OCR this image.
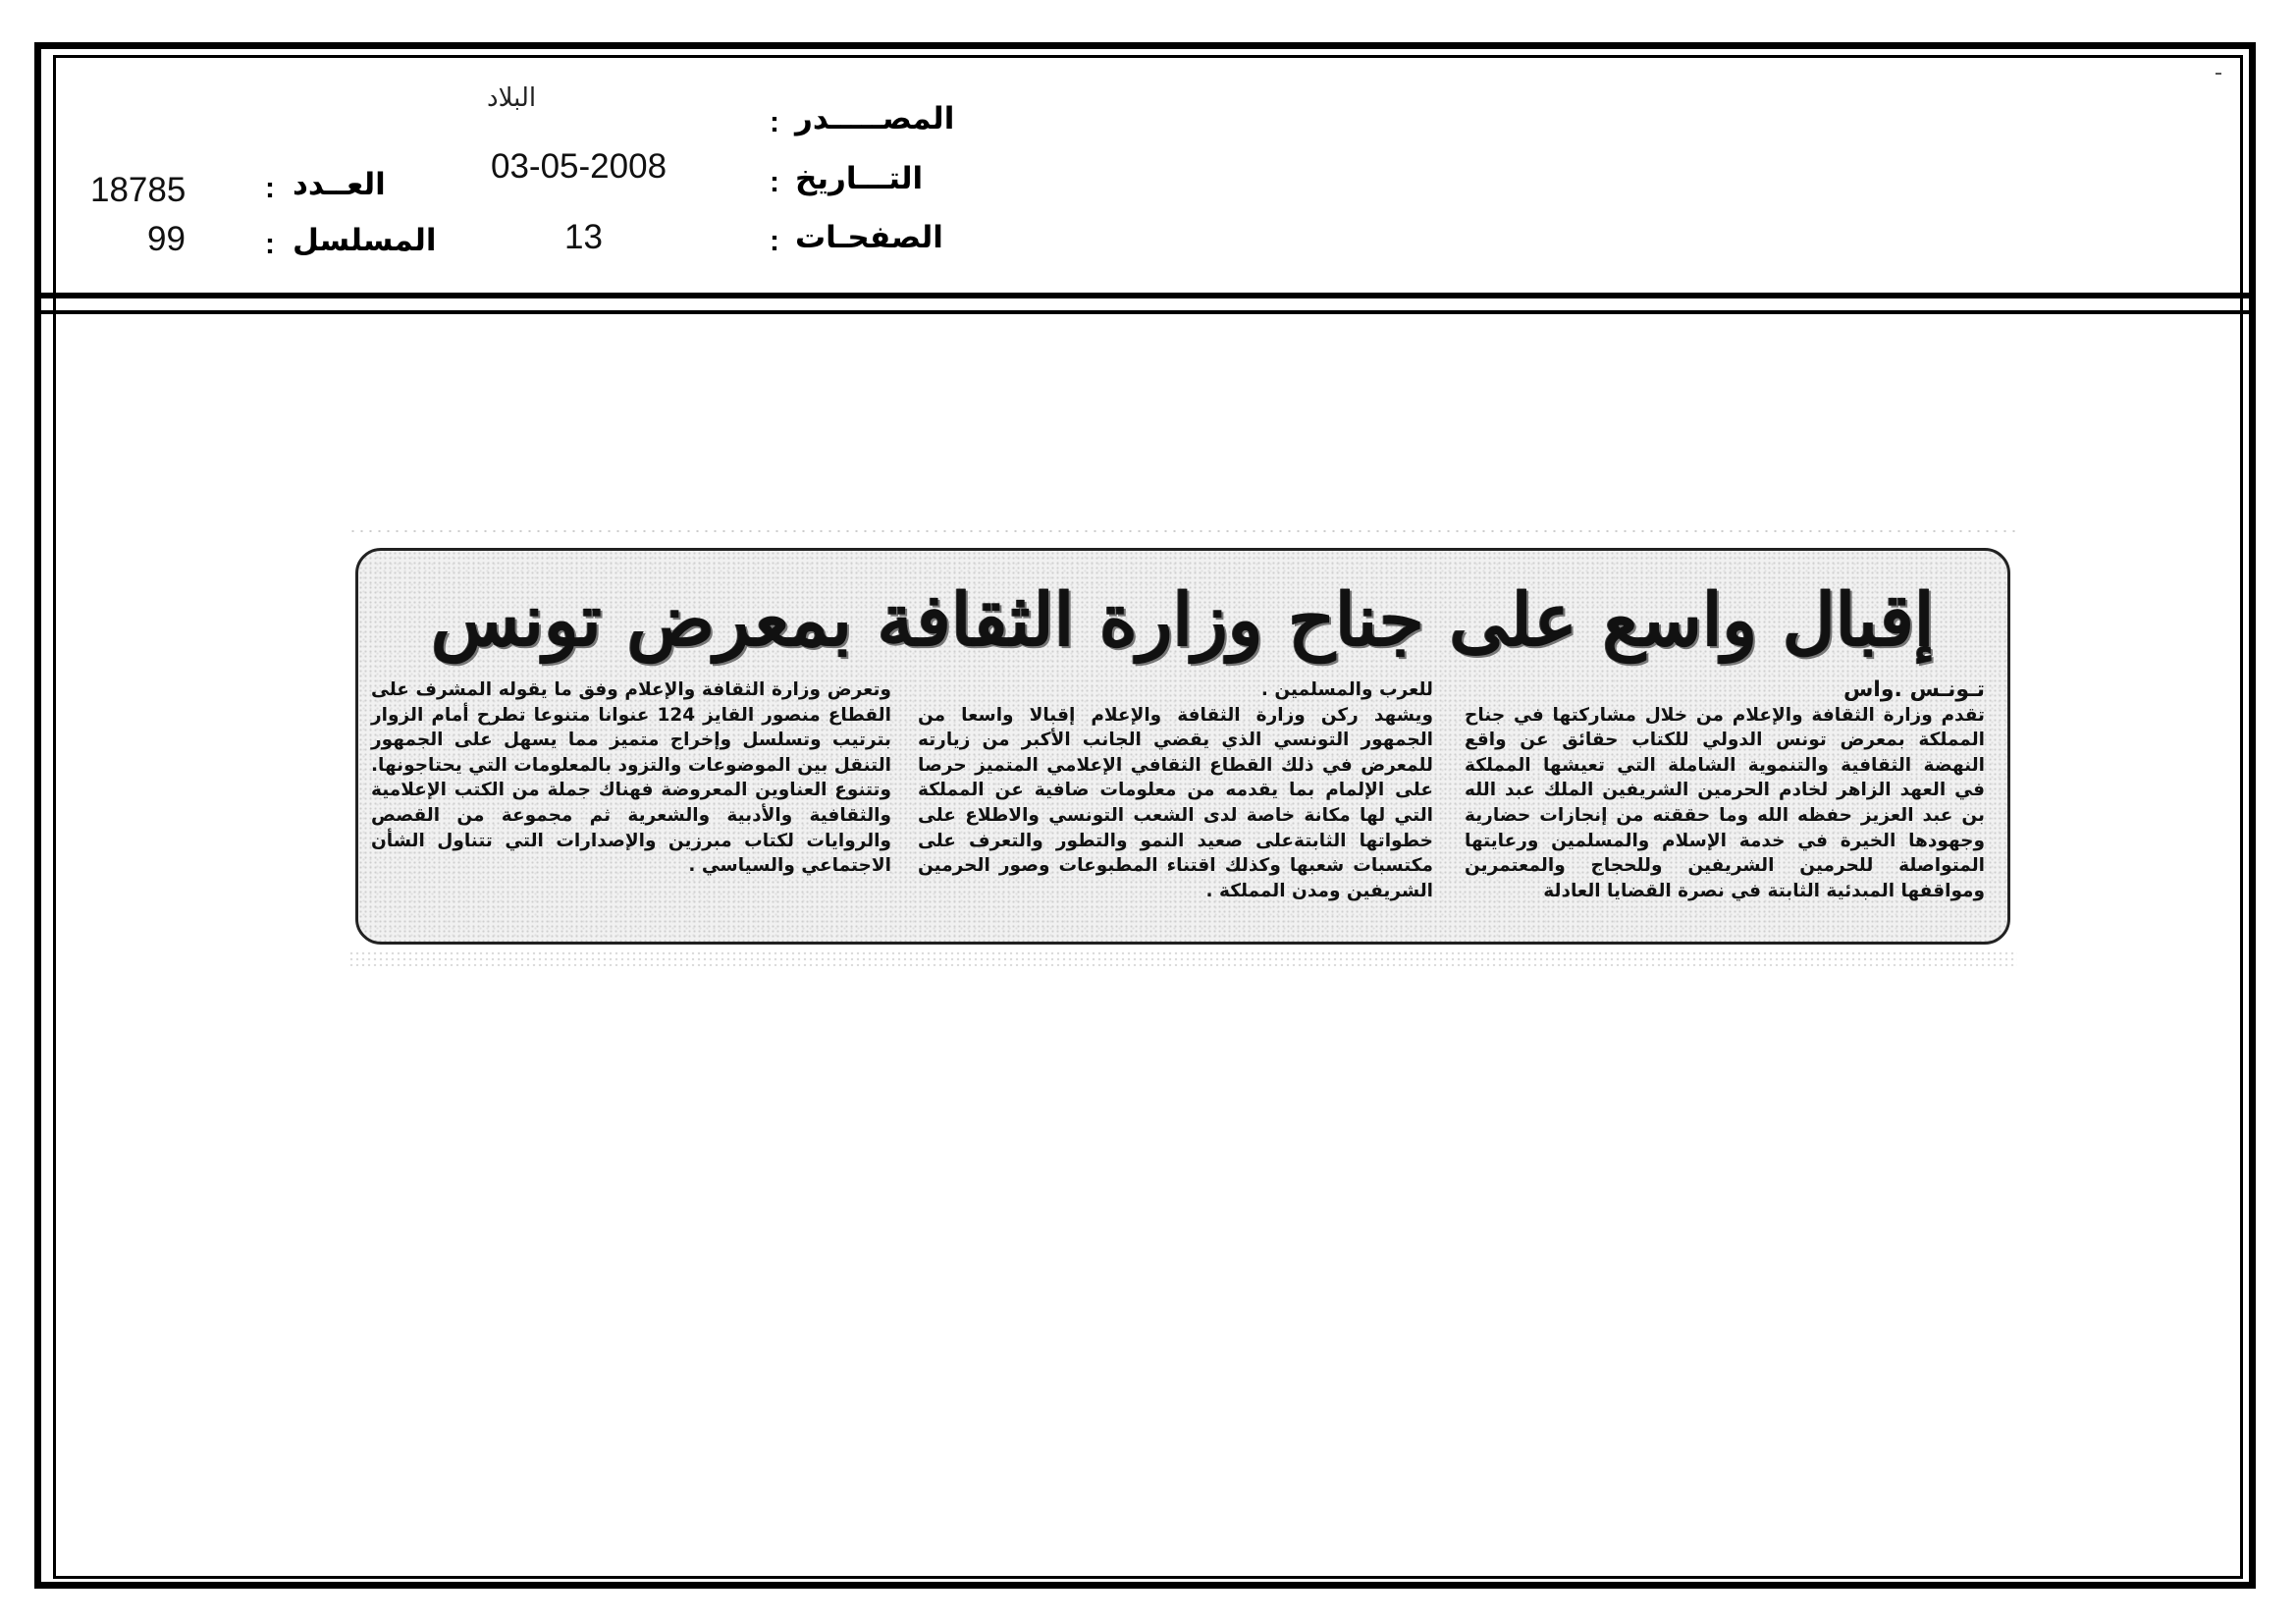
المصـــــدر
:
البلاد
التـــاريخ
:
03-05-2008
الصفحـات
:
13
العــدد
:
18785
المسلسل
:
99
إقبال واسع على جناح وزارة الثقافة بمعرض تونس

تـونـس .واس

تقدم وزارة الثقافة والإعلام من خلال مشاركتها في جناح المملكة بمعرض تونس الدولي للكتاب حقائق عن واقع النهضة الثقافية والتنموية الشاملة التي تعيشها المملكة في العهد الزاهر لخادم الحرمين الشريفين الملك عبد الله بن عبد العزيز حفظه الله وما حققته من إنجازات حضارية وجهودها الخيرة في خدمة الإسلام والمسلمين ورعايتها المتواصلة للحرمين الشريفين وللحجاج والمعتمرين ومواقفها المبدئية الثابتة في نصرة القضايا العادلة

للعرب والمسلمين .

ويشهد ركن وزارة الثقافة والإعلام إقبالا واسعا من الجمهور التونسي الذي يقضي الجانب الأكبر من زيارته للمعرض في ذلك القطاع الثقافي الإعلامي المتميز حرصا على الإلمام بما يقدمه من معلومات ضافية عن المملكة التي لها مكانة خاصة لدى الشعب التونسي والاطلاع على خطواتها الثابتةعلى صعيد النمو والتطور والتعرف على مكتسبات شعبها وكذلك اقتناء المطبوعات وصور الحرمين الشريفين ومدن المملكة .

وتعرض وزارة الثقافة والإعلام وفق ما يقوله المشرف على القطاع منصور القايز 124 عنوانا متنوعا تطرح أمام الزوار بترتيب وتسلسل وإخراج متميز مما يسهل على الجمهور التنقل بين الموضوعات والتزود بالمعلومات التي يحتاجونها.

وتتنوع العناوين المعروضة فهناك جملة من الكتب الإعلامية والثقافية والأدبية والشعرية ثم مجموعة من القصص والروايات لكتاب مبرزين والإصدارات التي تتناول الشأن الاجتماعي والسياسي .
